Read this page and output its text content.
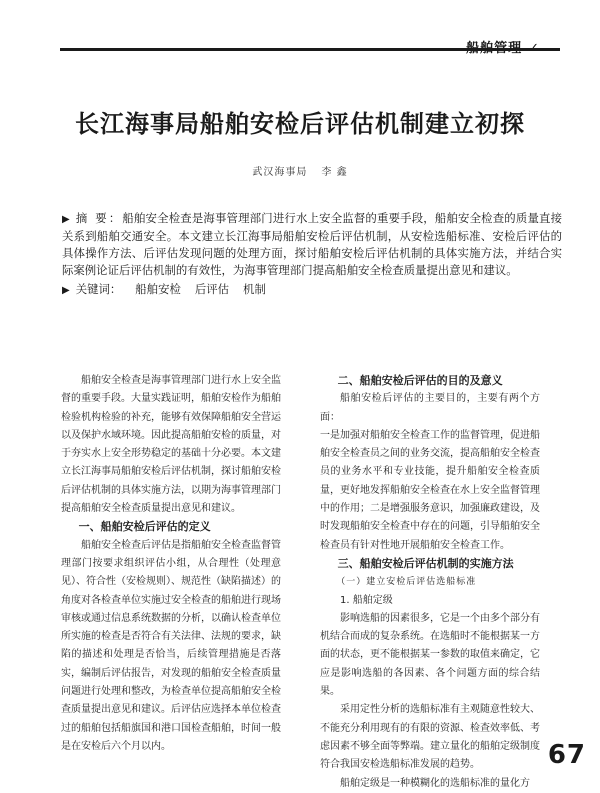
长江海事局船舶安检后评估机制建立初探
武汉海事局 李 鑫
▶ 摘 要：船舶安全检查是海事管理部门进行水上安全监督的重要手段，船舶安全检查的质量直接关系到船舶交通安全。本文建立长江海事局船舶安检后评估机制，从安检选船标准、安检后评估的具体操作方法、后评估发现问题的处理方面，探讨船舶安检后评估机制的具体实施方法，并结合实际案例论证后评估机制的有效性，为海事管理部门提高船舶安全检查质量提出意见和建议。
▶ 关键词： 船舶安检 后评估 机制

船舶安全检查是海事管理部门进行水上安全监督的重要手段。大量实践证明，船舶安检作为船舶检验机构检验的补充，能够有效保障船舶安全营运以及保护水域环境。因此提高船舶安检的质量，对于夯实水上安全形势稳定的基础十分必要。本文建立长江海事局船舶安检后评估机制，探讨船舶安检后评估机制的具体实施方法，以期为海事管理部门提高船舶安全检查质量提出意见和建议。

一、船舶安检后评估的定义

船舶安全检查后评估是指船舶安全检查监督管理部门按要求组织评估小组，从合理性（处理意见）、符合性（安检规则）、规范性（缺陷描述）的角度对各检查单位实施过安全检查的船舶进行现场审核或通过信息系统数据的分析，以确认检查单位所实施的检查是否符合有关法律、法规的要求，缺陷的描述和处理是否恰当，后续管理措施是否落实，编制后评估报告，对发现的船舶安全检查质量问题进行处理和整改，为检查单位提高船舶安全检查质量提出意见和建议。后评估应选择本单位检查过的船舶包括船旗国和港口国检查船舶，时间一般是在安检后六个月以内。

二、船舶安检后评估的目的及意义

船舶安检后评估的主要目的，主要有两个方面：

一是加强对船舶安全检查工作的监督管理，促进船舶安全检查员之间的业务交流，提高船舶安全检查员的业务水平和专业技能，提升船舶安全检查质量，更好地发挥船舶安全检查在水上安全监督管理中的作用；二是增强服务意识，加强廉政建设，及时发现船舶安全检查中存在的问题，引导船舶安全检查员有针对性地开展船舶安全检查工作。

三、船舶安检后评估机制的实施方法
（一）建立安检后评估选船标准
1. 船舶定级

影响选船的因素很多，它是一个由多个部分有机结合而成的复杂系统。在选船时不能根据某一方面的状态，更不能根据某一参数的取值来确定，它应是影响选船的各因素、各个问题方面的综合结果。

采用定性分析的选船标准有主观随意性较大、不能充分利用现有的有限的资源、检查效率低、考虑因素不够全面等弊端。建立量化的船舶定级制度符合我国安检选船标准发展的趋势。

船舶定级是一种模糊化的选船标准的量化方

67
